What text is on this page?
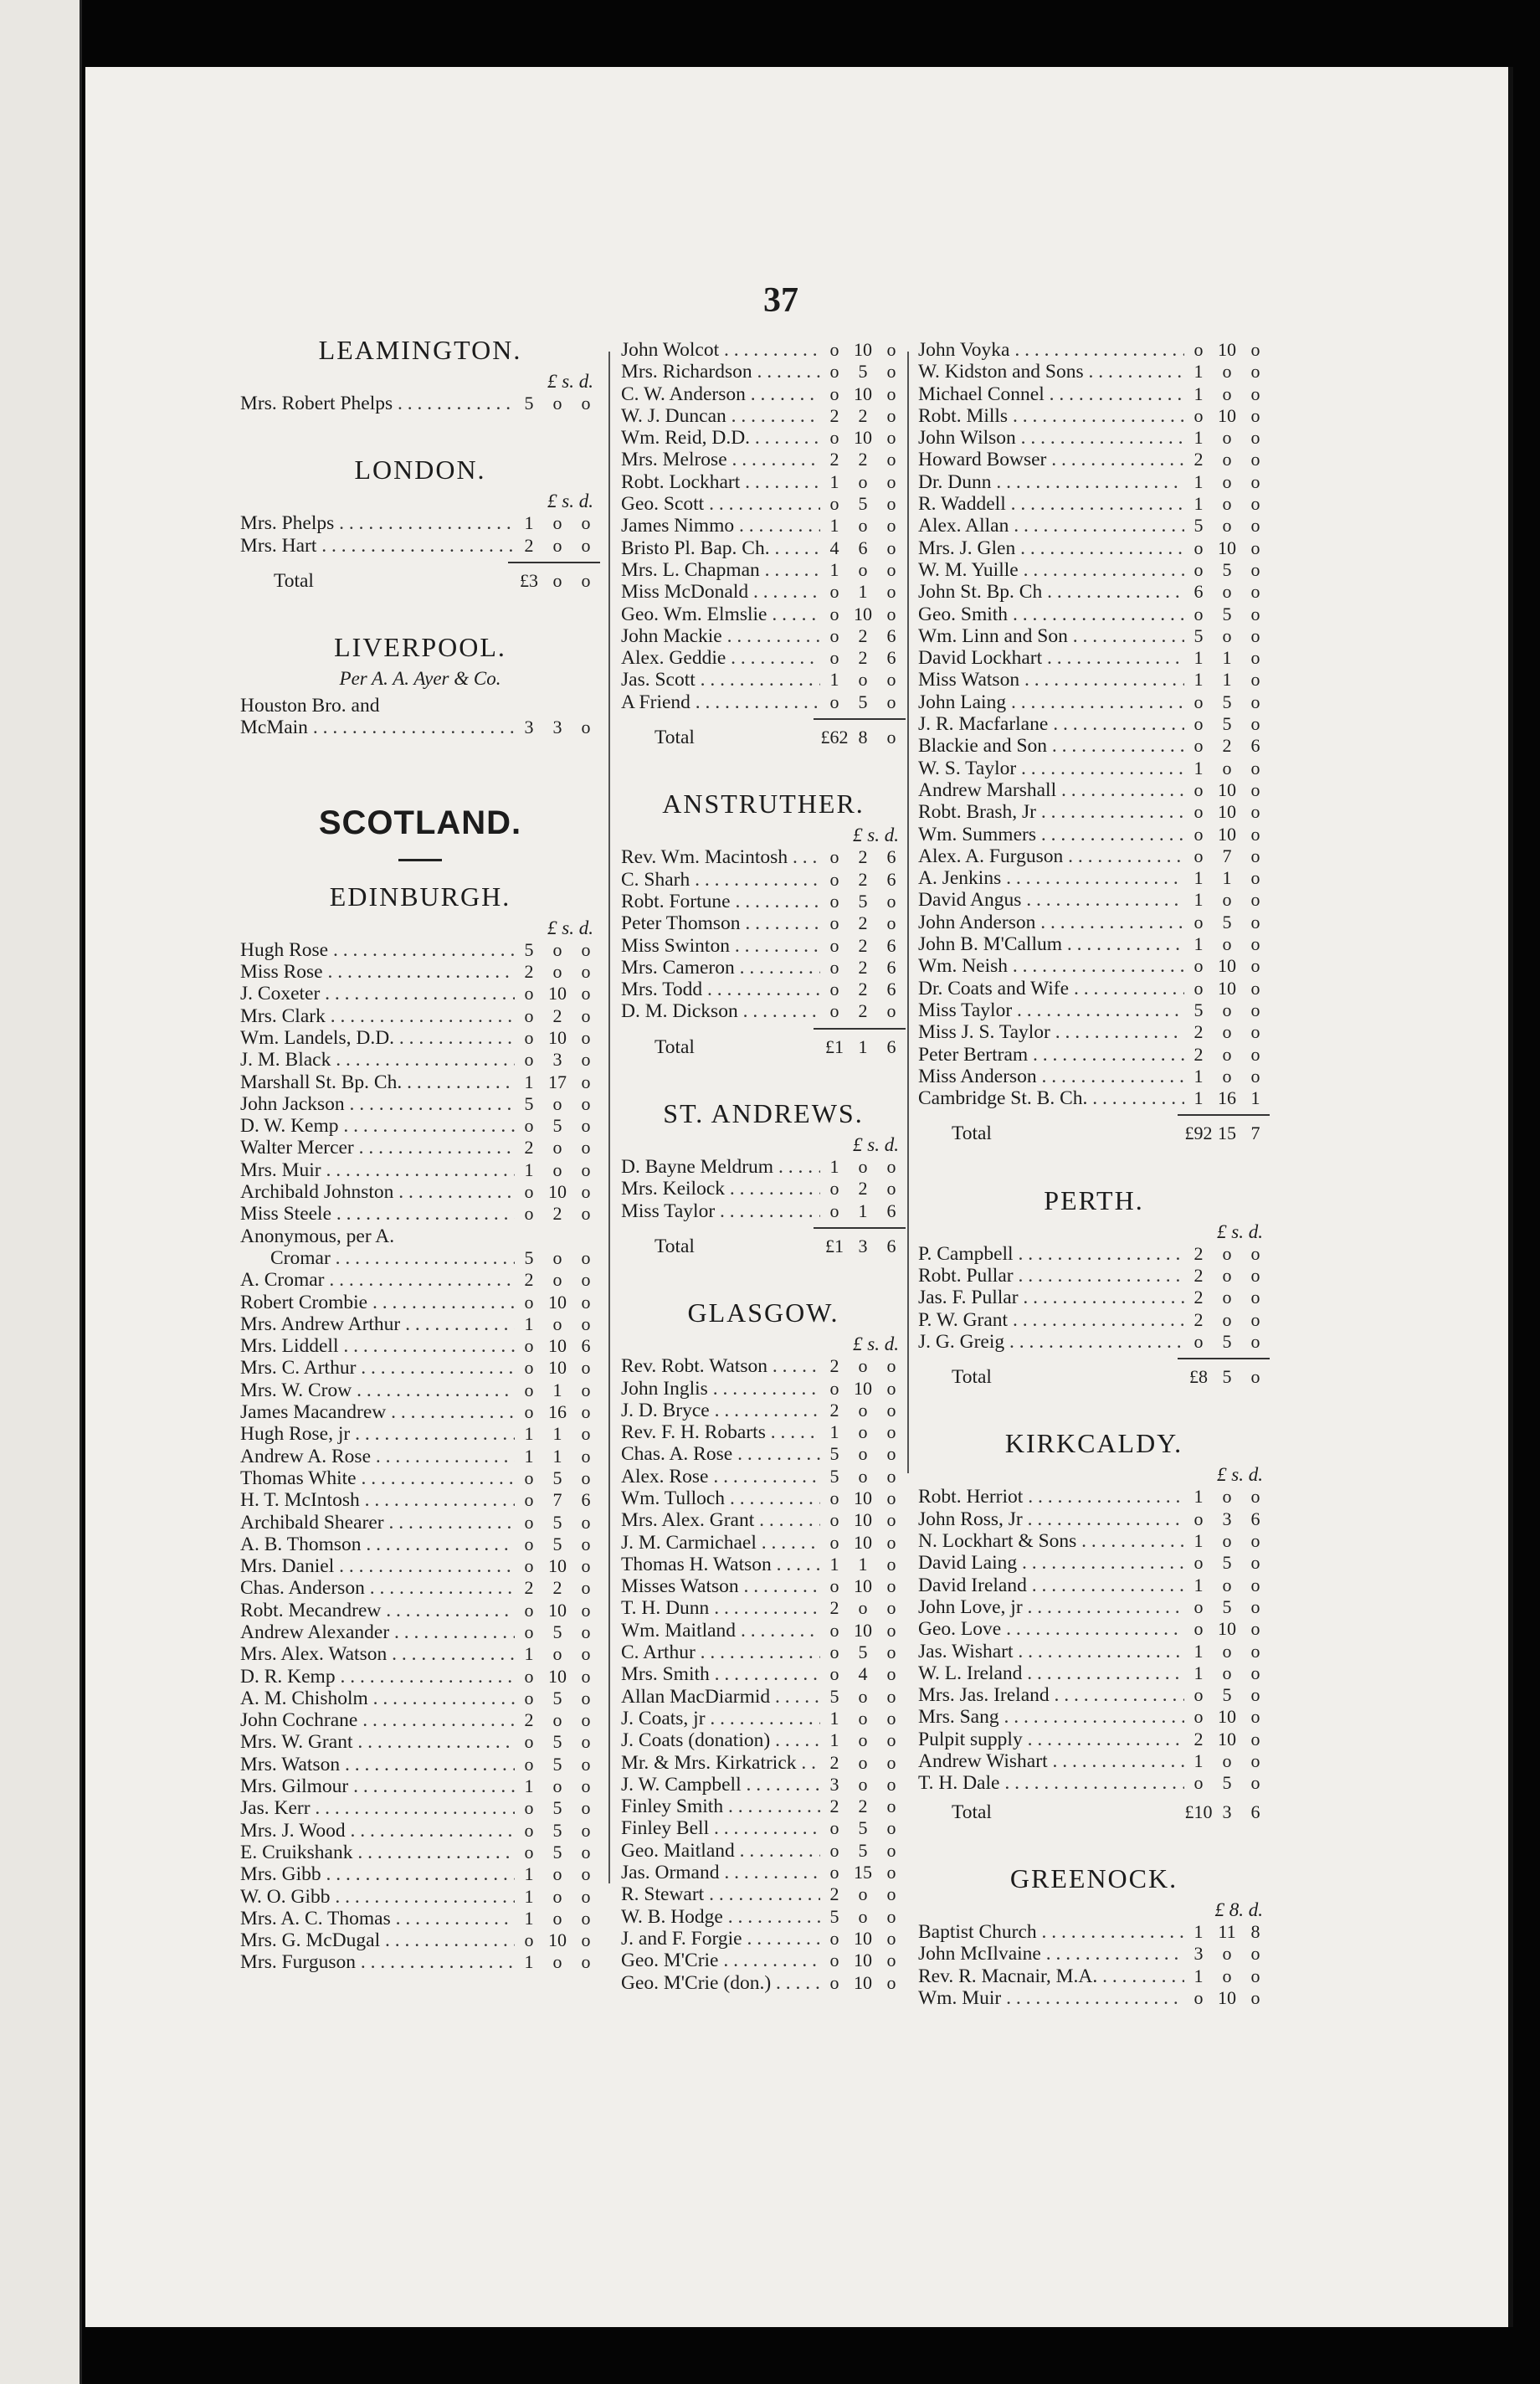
37
LEAMINGTON.
£ s. d.
Mrs. Robert Phelps . . .	5	o	o
LONDON.
£ s. d.
Mrs. Phelps . . .	1	o	o
Mrs. Hart . . .	2	o	o
Total	£3 o	o
LIVERPOOL.
Per A. A. Ayer & Co.
Houston Bro. and
McMain . . .	3	3	o
SCOTLAND.
EDINBURGH.
£ s. d.
Hugh Rose . . .	5	o	o
Miss Rose . . .	2	o	o
J. Coxeter . . .	o 10 o
Mrs. Clark . . .	o	2	o
Wm. Landels, D.D. . . .	o 10 o
J. M. Black . . .	o	3	o
Marshall St. Bp. Ch. . . .	1 17 o
John Jackson . . .	5	o	o
D. W. Kemp . . .	o	5	o
Walter Mercer . . .	2	o	o
Mrs. Muir . . .	1	o	o
Archibald Johnston . . .	o 10 o
Miss Steele . . .	o	2	o
Anonymous, per A.
Cromar . . .	5	o	o
A. Cromar . . .	2	o	o
Robert Crombie . . .	o 10 o
Mrs. Andrew Arthur . . .	1	o	o
Mrs. Liddell . . .	o 10 6
Mrs. C. Arthur . . .	o 10 o
Mrs. W. Crow . . .	o	1	o
James Macandrew . . .	o 16 o
Hugh Rose, jr . . .	1	1	o
Andrew A. Rose . . .	1	1	o
Thomas White . . .	o	5	o
H. T. McIntosh . . .	o	7	6
Archibald Shearer . . .	o	5	o
A. B. Thomson . . .	o	5	o
Mrs. Daniel . . .	o 10 o
Chas. Anderson . . .	2	2	o
Robt. Mecandrew . . .	o 10 o
Andrew Alexander . . .	o	5	o
Mrs. Alex. Watson . . .	1	o	o
D. R. Kemp . . .	o 10 o
A. M. Chisholm . . .	o	5	o
John Cochrane . . .	2	o	o
Mrs. W. Grant . . .	o	5	o
Mrs. Watson . . .	o	5	o
Mrs. Gilmour . . .	1	o	o
Jas. Kerr . . .	o	5	o
Mrs. J. Wood . . .	o	5	o
E. Cruikshank . . .	o	5	o
Mrs. Gibb . . .	1	o	o
W. O. Gibb . . .	1	o	o
Mrs. A. C. Thomas . . .	1	o	o
Mrs. G. McDugal . . .	o 10 o
Mrs. Furguson . . .	1	o	o
John Wolcot . . .	o 10 o
Mrs. Richardson . . .	o	5	o
C. W. Anderson . . .	o 10 o
W. J. Duncan . . .	2	2	o
Wm. Reid, D.D. . . .	o 10 o
Mrs. Melrose . . .	2	2	o
Robt. Lockhart . . .	1	o	o
Geo. Scott . . .	o	5	o
James Nimmo . . .	1	o	o
Bristo Pl. Bap. Ch. . . .	4	6	o
Mrs. L. Chapman . . .	1	o	o
Miss McDonald . . .	o	1	o
Geo. Wm. Elmslie . . .	o 10 o
John Mackie . . .	o	2	6
Alex. Geddie . . .	o	2	6
Jas. Scott . . .	1	o	o
A Friend . . .	o	5	o
Total	£62 8	o
ANSTRUTHER.
£ s. d.
Rev. Wm. Macintosh . . .	o	2	6
C. Sharh . . .	o	2	6
Robt. Fortune . . .	o	5	o
Peter Thomson . . .	o	2	o
Miss Swinton . . .	o	2	6
Mrs. Cameron . . .	o	2	6
Mrs. Todd . . .	o	2	6
D. M. Dickson . . .	o	2	o
Total	£1 1	6
ST. ANDREWS.
£ s. d.
D. Bayne Meldrum . . .	1	o	o
Mrs. Keilock . . .	o	2	o
Miss Taylor . . .	o	1	6
Total	£1 3	6
GLASGOW.
£ s. d.
Rev. Robt. Watson . . .	2	o	o
John Inglis . . .	o 10 o
J. D. Bryce . . .	2	o	o
Rev. F. H. Robarts . . .	1	o	o
Chas. A. Rose . . .	5	o	o
Alex. Rose . . .	5	o	o
Wm. Tulloch . . .	o 10 o
Mrs. Alex. Grant . . .	o 10 o
J. M. Carmichael . . .	o 10 o
Thomas H. Watson . . .	1	1	o
Misses Watson . . .	o 10 o
T. H. Dunn . . .	2	o	o
Wm. Maitland . . .	o 10 o
C. Arthur . . .	o	5	o
Mrs. Smith . . .	o	4	o
Allan MacDiarmid . . .	5	o	o
J. Coats, jr . . .	1	o	o
J. Coats (donation) . . .	1	o	o
Mr. & Mrs. Kirkatrick . . .	2	o	o
J. W. Campbell . . .	3	o	o
Finley Smith . . .	2	2	o
Finley Bell . . .	o	5	o
Geo. Maitland . . .	o	5	o
Jas. Ormand . . .	o 15 o
R. Stewart . . .	2	o	o
W. B. Hodge . . .	5	o	o
J. and F. Forgie . . .	o 10 o
Geo. M'Crie . . .	o 10 o
Geo. M'Crie (don.) . . .	o 10 o
John Voyka . . .	o 10 o
W. Kidston and Sons . . .	1	o	o
Michael Connel . . .	1	o	o
Robt. Mills . . .	o 10 o
John Wilson . . .	1	o	o
Howard Bowser . . .	2	o	o
Dr. Dunn . . .	1	o	o
R. Waddell . . .	1	o	o
Alex. Allan . . .	5	o	o
Mrs. J. Glen . . .	o 10 o
W. M. Yuille . . .	o	5	o
John St. Bp. Ch . . .	6	o	o
Geo. Smith . . .	o	5	o
Wm. Linn and Son . . .	5	o	o
David Lockhart . . .	1	1	o
Miss Watson . . .	1	1	o
John Laing . . .	o	5	o
J. R. Macfarlane . . .	o	5	o
Blackie and Son . . .	o	2	6
W. S. Taylor . . .	1	o	o
Andrew Marshall . . .	o 10 o
Robt. Brash, Jr . . .	o 10 o
Wm. Summers . . .	o 10 o
Alex. A. Furguson . . .	o	7	o
A. Jenkins . . .	1	1	o
David Angus . . .	1	o	o
John Anderson . . .	o	5	o
John B. M'Callum . . .	1	o	o
Wm. Neish . . .	o 10 o
Dr. Coats and Wife . . .	o 10 o
Miss Taylor . . .	5	o	o
Miss J. S. Taylor . . .	2	o	o
Peter Bertram . . .	2	o	o
Miss Anderson . . .	1	o	o
Cambridge St. B. Ch. . . .	1 16 1
Total	£92 15 7
PERTH.
£ s. d.
P. Campbell . . .	2	o	o
Robt. Pullar . . .	2	o	o
Jas. F. Pullar . . .	2	o	o
P. W. Grant . . .	2	o	o
J. G. Greig . . .	o	5	o
Total	£8 5	o
KIRKCALDY.
£ s. d.
Robt. Herriot . . .	1	o	o
John Ross, Jr . . .	o	3	6
N. Lockhart & Sons . . .	1	o	o
David Laing . . .	o	5	o
David Ireland . . .	1	o	o
John Love, jr . . .	o	5	o
Geo. Love . . .	o 10 o
Jas. Wishart . . .	1	o	o
W. L. Ireland . . .	1	o	o
Mrs. Jas. Ireland . . .	o	5	o
Mrs. Sang . . .	o 10 o
Pulpit supply . . .	2 10 o
Andrew Wishart . . .	1	o	o
T. H. Dale . . .	o	5	o
Total	£10 3	6
GREENOCK.
£ 8. d.
Baptist Church . . .	1 11 8
John McIlvaine . . .	3	o	o
Rev. R. Macnair, M.A. . . .	1	o	o
Wm. Muir . . .	o 10 o
